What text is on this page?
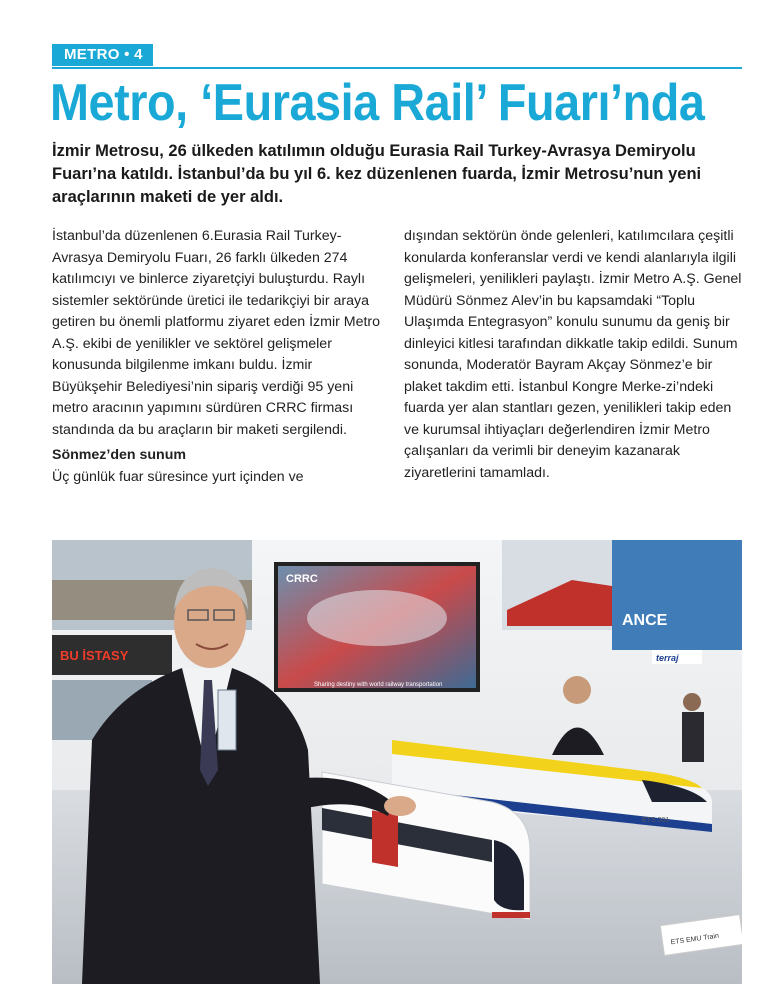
METRO • 4
Metro, ‘Eurasia Rail’ Fuarı’nda

İzmir Metrosu, 26 ülkeden katılımın olduğu Eurasia Rail Turkey-Avrasya Demiryolu Fuarı’na katıldı. İstanbul’da bu yıl 6. kez düzenlenen fuarda, İzmir Metrosu’nun yeni araçlarının maketi de yer aldı.

İstanbul’da düzenlenen 6.Eurasia Rail Turkey-Avrasya Demiryolu Fuarı, 26 farklı ülkeden 274 katılımcıyı ve binlerce ziyaretçiyi buluşturdu. Raylı sistemler sektöründe üretici ile tedarikçiyi bir araya getiren bu önemli platformu ziyaret eden İzmir Metro A.Ş. ekibi de yenilikler ve sektörel gelişmeler konusunda bilgilenme imkanı buldu. İzmir Büyükşehir Belediyesi’nin sipariş verdiği 95 yeni metro aracının yapımını sürdüren CRRC firması standında da bu araçların bir maketi sergilendi.

Sönmez’den sunum

Üç günlük fuar süresince yurt içinden ve

dışından sektörün önde gelenleri, katılımcılara çeşitli konularda konferanslar verdi ve kendi alanlarıyla ilgili gelişmeleri, yenilikleri paylaştı. İzmir Metro A.Ş. Genel Müdürü Sönmez Alev’in bu kapsamdaki “Toplu Ulaşımda Entegrasyon” konulu sunumu da geniş bir dinleyici kitlesi tarafından dikkatle takip edildi. Sunum sonunda, Moderatör Bayram Akçay Sönmez’e bir plaket takdim etti. İstanbul Kongre Merke-zi’ndeki fuarda yer alan stantları gezen, yenilikleri takip eden ve kurumsal ihtiyaçları değerlendiren İzmir Metro çalışanları da verimli bir deneyim kazanarak ziyaretlerini tamamladı.

BU İSTASY
CRRC
Sharing destiny with world railway transportation
ANCE
terraj
ETS 201
ETS EMU Train
